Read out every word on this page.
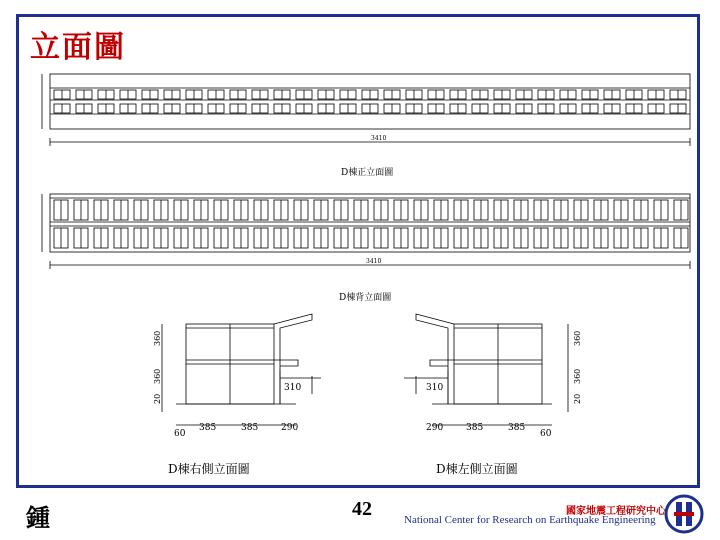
立面圖
3410
D棟正立面圖
3410
D棟背立面圖
360
360
20
310
60
385	385	290
D棟右側立面圖
360
360
20
310
290	385	385
60
D棟左側立面圖
鍾	42	國家地震工程研究中心
National Center for Research on Earthquake Engineering
